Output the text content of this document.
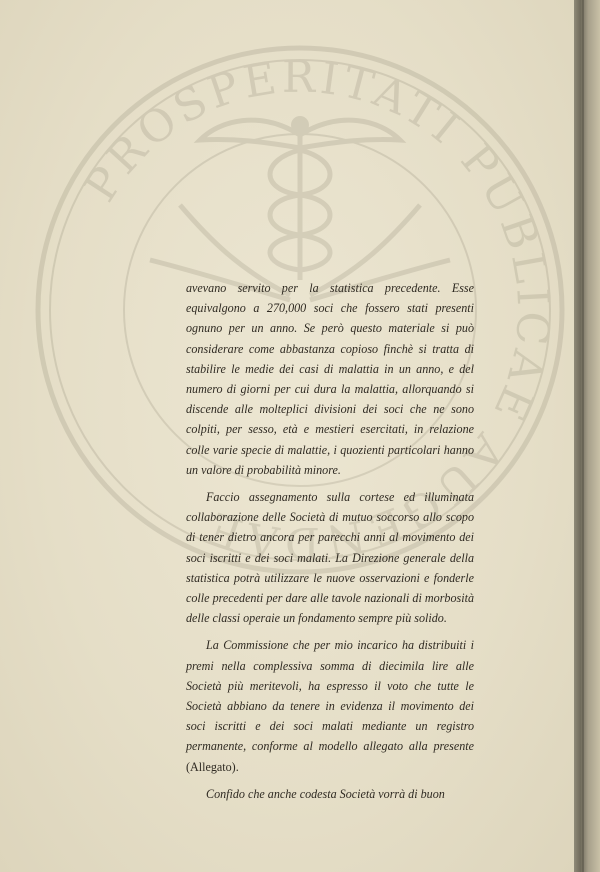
PROSPERITATI PUBLICAE AUGENDAE

avevano servito per la statistica precedente. Esse equivalgono a 270,000 soci che fossero stati presenti ognuno per un anno. Se però questo materiale si può considerare come abbastanza copioso finchè si tratta di stabilire le medie dei casi di malattia in un anno, e del numero di giorni per cui dura la malattia, allorquando si discende alle molteplici divisioni dei soci che ne sono colpiti, per sesso, età e mestieri esercitati, in relazione colle varie specie di malattie, i quozienti particolari hanno un valore di probabilità minore.

Faccio assegnamento sulla cortese ed illuminata collaborazione delle Società di mutuo soccorso allo scopo di tener dietro ancora per parecchi anni al movimento dei soci iscritti e dei soci malati. La Direzione generale della statistica potrà utilizzare le nuove osservazioni e fonderle colle precedenti per dare alle tavole nazionali di morbosità delle classi operaie un fondamento sempre più solido.

La Commissione che per mio incarico ha distribuiti i premi nella complessiva somma di diecimila lire alle Società più meritevoli, ha espresso il voto che tutte le Società abbiano da tenere in evidenza il movimento dei soci iscritti e dei soci malati mediante un registro permanente, conforme al modello allegato alla presente (Allegato).

Confido che anche codesta Società vorrà di buon
